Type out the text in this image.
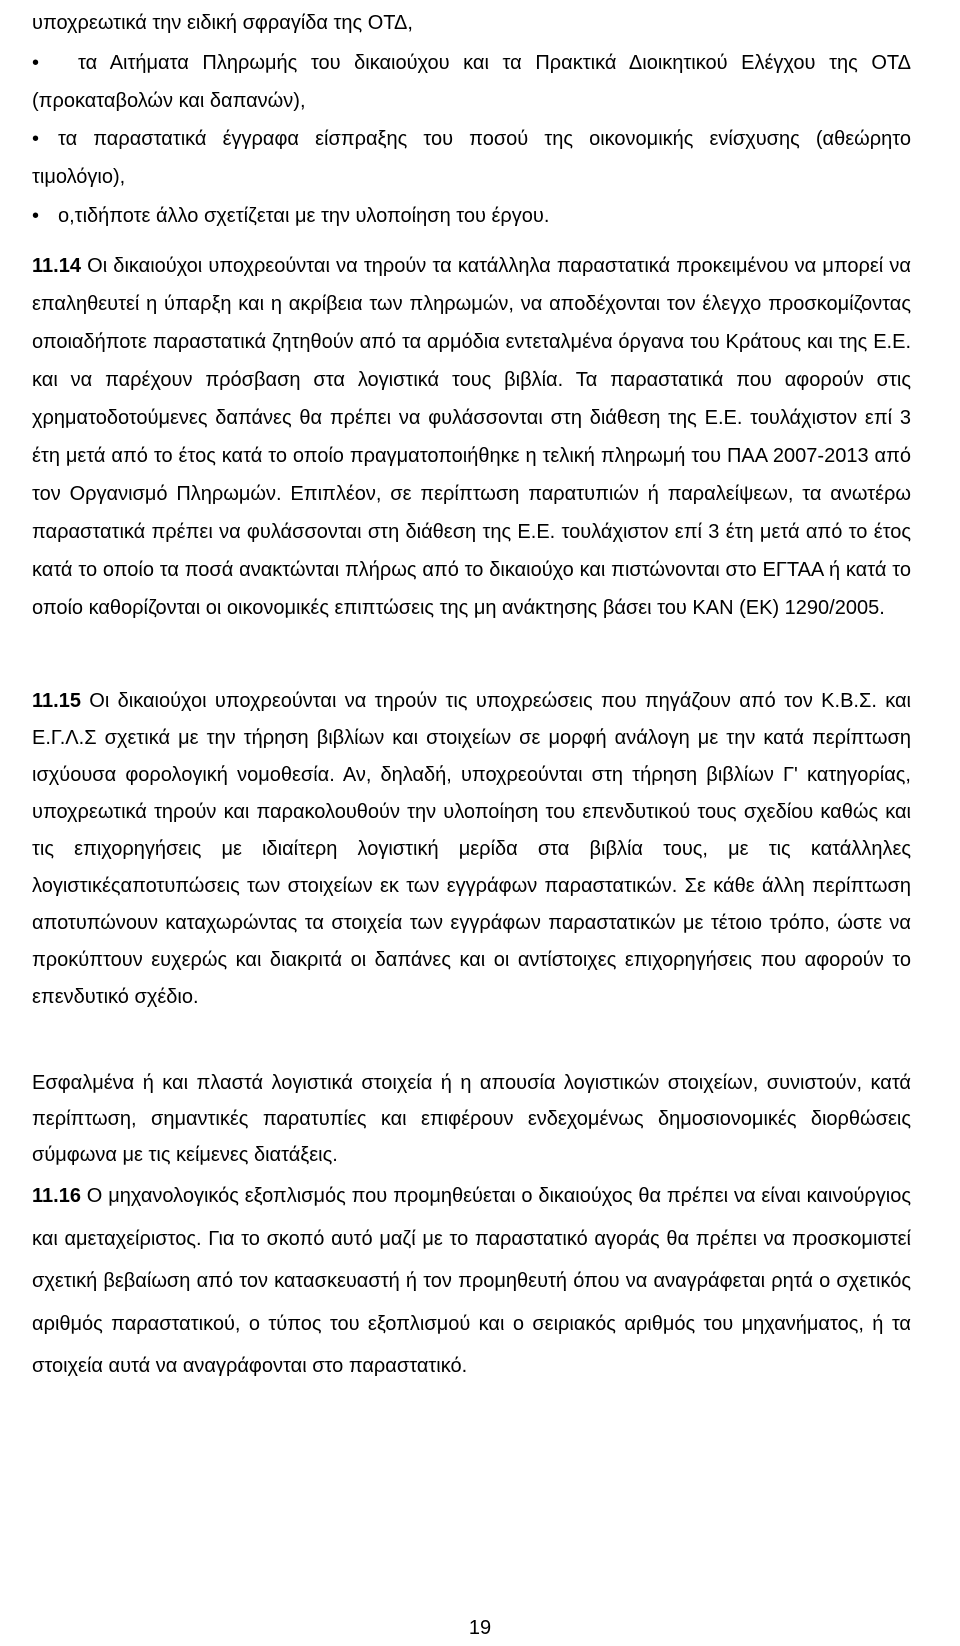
υποχρεωτικά την ειδική σφραγίδα της ΟΤΔ,
•	τα Αιτήματα Πληρωμής του δικαιούχου και τα Πρακτικά Διοικητικού Ελέγχου της ΟΤΔ (προκαταβολών και δαπανών),
• τα παραστατικά έγγραφα είσπραξης του ποσού της οικονομικής ενίσχυσης (αθεώρητο τιμολόγιο),
• ο,τιδήποτε άλλο σχετίζεται με την υλοποίηση του έργου.
11.14 Οι δικαιούχοι υποχρεούνται να τηρούν τα κατάλληλα παραστατικά προκειμένου να μπορεί να επαληθευτεί η ύπαρξη και η ακρίβεια των πληρωμών, να αποδέχονται τον έλεγχο προσκομίζοντας οποιαδήποτε παραστατικά ζητηθούν από τα αρμόδια εντεταλμένα όργανα του Κράτους και της Ε.Ε. και να παρέχουν πρόσβαση στα λογιστικά τους βιβλία. Τα παραστατικά που αφορούν στις χρηματοδοτούμενες δαπάνες θα πρέπει να φυλάσσονται στη διάθεση της Ε.Ε. τουλάχιστον επί 3 έτη μετά από το έτος κατά το οποίο πραγματοποιήθηκε η τελική πληρωμή του ΠΑΑ 2007-2013 από τον Οργανισμό Πληρωμών. Επιπλέον, σε περίπτωση παρατυπιών ή παραλείψεων, τα ανωτέρω παραστατικά πρέπει να φυλάσσονται στη διάθεση της Ε.Ε. τουλάχιστον επί 3 έτη μετά από το έτος κατά το οποίο τα ποσά ανακτώνται πλήρως από το δικαιούχο και πιστώνονται στο ΕΓΤΑΑ ή κατά το οποίο καθορίζονται οι οικονομικές επιπτώσεις της μη ανάκτησης βάσει του ΚΑΝ (ΕΚ) 1290/2005.
11.15 Οι δικαιούχοι υποχρεούνται να τηρούν τις υποχρεώσεις που πηγάζουν από τον Κ.Β.Σ. και Ε.Γ.Λ.Σ σχετικά με την τήρηση βιβλίων και στοιχείων σε μορφή ανάλογη με την κατά περίπτωση ισχύουσα φορολογική νομοθεσία. Αν, δηλαδή, υποχρεούνται στη τήρηση βιβλίων Γ' κατηγορίας, υποχρεωτικά τηρούν και παρακολουθούν την υλοποίηση του επενδυτικού τους σχεδίου καθώς και τις επιχορηγήσεις με ιδιαίτερη λογιστική μερίδα στα βιβλία τους, με τις κατάλληλες λογιστικέςαποτυπώσεις των στοιχείων εκ των εγγράφων παραστατικών. Σε κάθε άλλη περίπτωση αποτυπώνουν καταχωρώντας τα στοιχεία των εγγράφων παραστατικών με τέτοιο τρόπο, ώστε να προκύπτουν ευχερώς και διακριτά οι δαπάνες και οι αντίστοιχες επιχορηγήσεις που αφορούν το επενδυτικό σχέδιο.
Εσφαλμένα ή και πλαστά λογιστικά στοιχεία ή η απουσία λογιστικών στοιχείων, συνιστούν, κατά περίπτωση, σημαντικές παρατυπίες και επιφέρουν ενδεχομένως δημοσιονομικές διορθώσεις σύμφωνα με τις κείμενες διατάξεις.
11.16 Ο μηχανολογικός εξοπλισμός που προμηθεύεται ο δικαιούχος θα πρέπει να είναι καινούργιος και αμεταχείριστος. Για το σκοπό αυτό μαζί με το παραστατικό αγοράς θα πρέπει να προσκομιστεί σχετική βεβαίωση από τον κατασκευαστή ή τον προμηθευτή όπου να αναγράφεται ρητά ο σχετικός αριθμός παραστατικού, ο τύπος του εξοπλισμού και ο σειριακός αριθμός του μηχανήματος, ή τα στοιχεία αυτά να αναγράφονται στο παραστατικό.
19
